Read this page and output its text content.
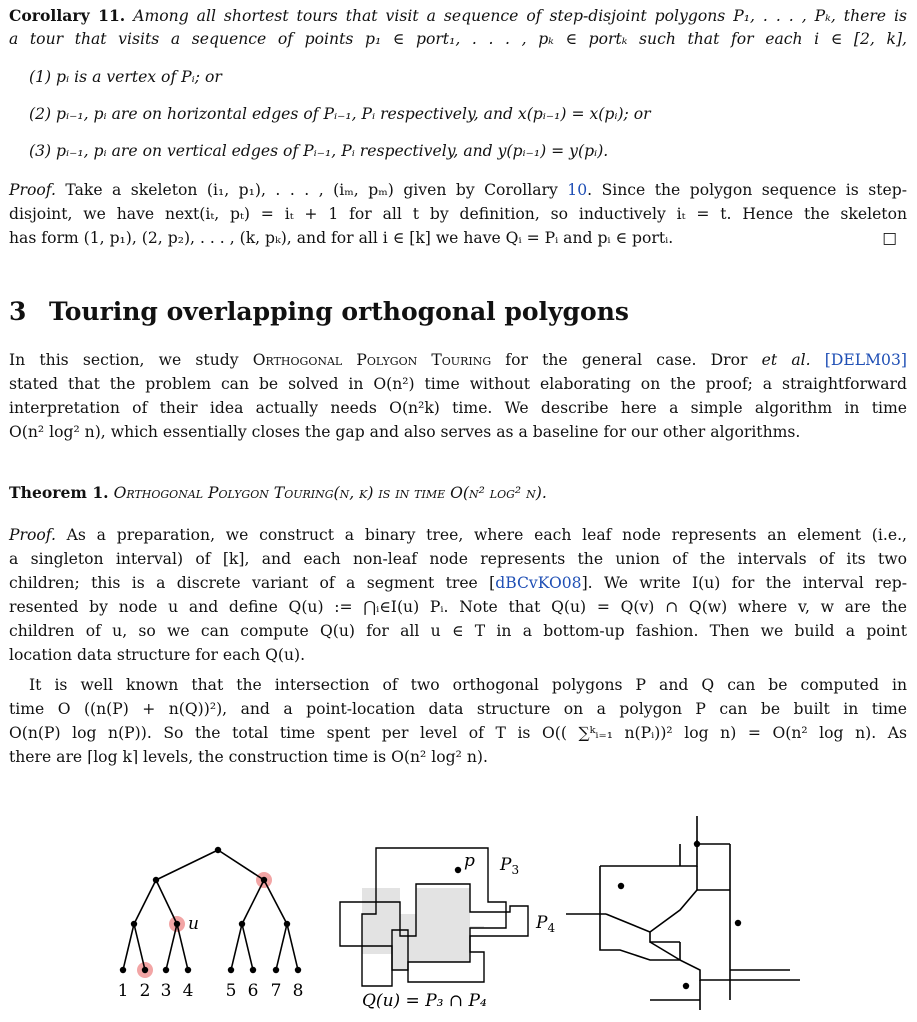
Corollary 11. Among all shortest tours that visit a sequence of step-disjoint polygons P₁, . . . , Pₖ, there is
a tour that visits a sequence of points p₁ ∈ port₁, . . . , pₖ ∈ portₖ such that for each i ∈ [2, k],
(1) pᵢ is a vertex of Pᵢ; or
(2) pᵢ₋₁, pᵢ are on horizontal edges of Pᵢ₋₁, Pᵢ respectively, and x(pᵢ₋₁) = x(pᵢ); or
(3) pᵢ₋₁, pᵢ are on vertical edges of Pᵢ₋₁, Pᵢ respectively, and y(pᵢ₋₁) = y(pᵢ).
Proof. Take a skeleton (i₁, p₁), . . . , (iₘ, pₘ) given by Corollary 10. Since the polygon sequence is step-
disjoint, we have next(iₜ, pₜ) = iₜ + 1 for all t by definition, so inductively iₜ = t. Hence the skeleton
has form (1, p₁), (2, p₂), . . . , (k, pₖ), and for all i ∈ [k] we have Qᵢ = Pᵢ and pᵢ ∈ portᵢ.	□
3 Touring overlapping orthogonal polygons
In this section, we study Orthogonal Polygon Touring for the general case. Dror et al. [DELM03]
stated that the problem can be solved in O(n²) time without elaborating on the proof; a straightforward
interpretation of their idea actually needs O(n²k) time. We describe here a simple algorithm in time
O(n² log² n), which essentially closes the gap and also serves as a baseline for our other algorithms.
Theorem 1. Orthogonal Polygon Touring(n, k) is in time O(n² log² n).
Proof. As a preparation, we construct a binary tree, where each leaf node represents an element (i.e.,
a singleton interval) of [k], and each non-leaf node represents the union of the intervals of its two
children; this is a discrete variant of a segment tree [dBCvKO08]. We write I(u) for the interval rep-
resented by node u and define Q(u) := ⋂ᵢ∈I(u) Pᵢ. Note that Q(u) = Q(v) ∩ Q(w) where v, w are the
children of u, so we can compute Q(u) for all u ∈ T in a bottom-up fashion. Then we build a point
location data structure for each Q(u).
It is well known that the intersection of two orthogonal polygons P and Q can be computed in
time O ((n(P) + n(Q))²), and a point-location data structure on a polygon P can be built in time
O(n(P) log n(P)). So the total time spent per level of T is O(( ∑ᵏᵢ₌₁ n(Pᵢ))² log n) = O(n² log n). As
there are ⌈log k⌉ levels, the construction time is O(n² log² n).
1 2 3 4 5 6 7 8
u
p $P_3$
$P_4$
Q(u) = P₃ ∩ P₄
